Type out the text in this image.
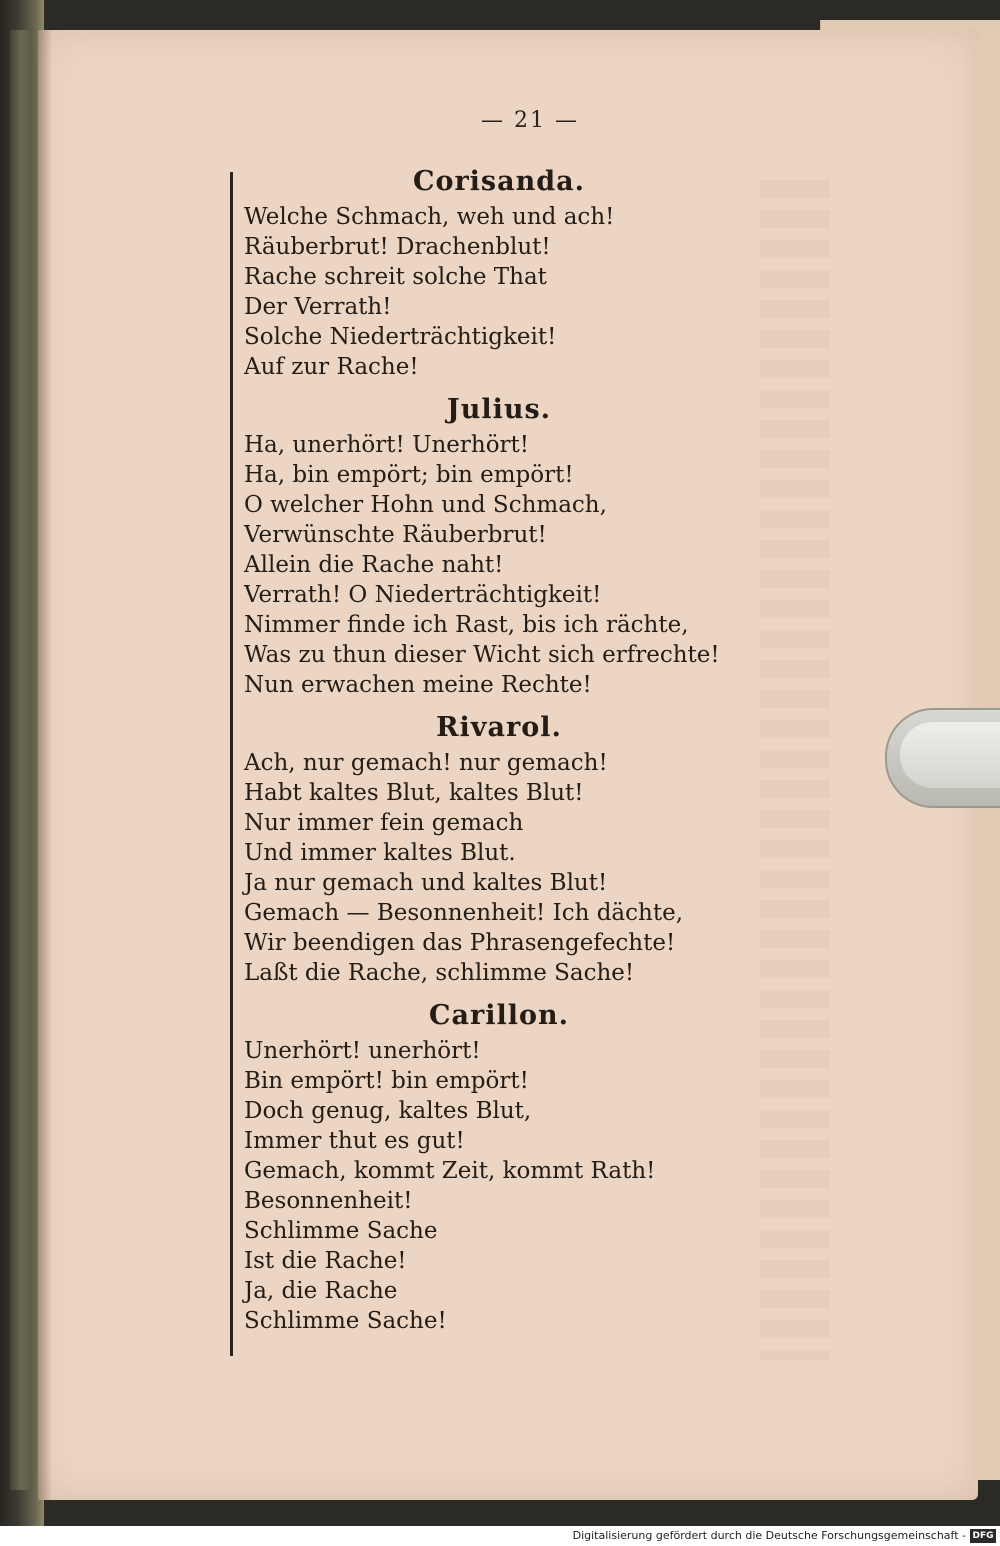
— 21 —
Corisanda.
Welche Schmach, weh und ach!
Räuberbrut! Drachenblut!
Rache schreit solche That
Der Verrath!
Solche Niederträchtigkeit!
Auf zur Rache!
Julius.
Ha, unerhört! Unerhört!
Ha, bin empört; bin empört!
O welcher Hohn und Schmach,
Verwünschte Räuberbrut!
Allein die Rache naht!
Verrath! O Niederträchtigkeit!
Nimmer finde ich Rast, bis ich rächte,
Was zu thun dieser Wicht sich erfrechte!
Nun erwachen meine Rechte!
Rivarol.
Ach, nur gemach! nur gemach!
Habt kaltes Blut, kaltes Blut!
Nur immer fein gemach
Und immer kaltes Blut.
Ja nur gemach und kaltes Blut!
Gemach — Besonnenheit! Ich dächte,
Wir beendigen das Phrasengefechte!
Laßt die Rache, schlimme Sache!
Carillon.
Unerhört! unerhört!
Bin empört! bin empört!
Doch genug, kaltes Blut,
Immer thut es gut!
Gemach, kommt Zeit, kommt Rath!
Besonnenheit!
Schlimme Sache
Ist die Rache!
Ja, die Rache
Schlimme Sache!
Digitalisierung gefördert durch die Deutsche Forschungsgemeinschaft - DFG
